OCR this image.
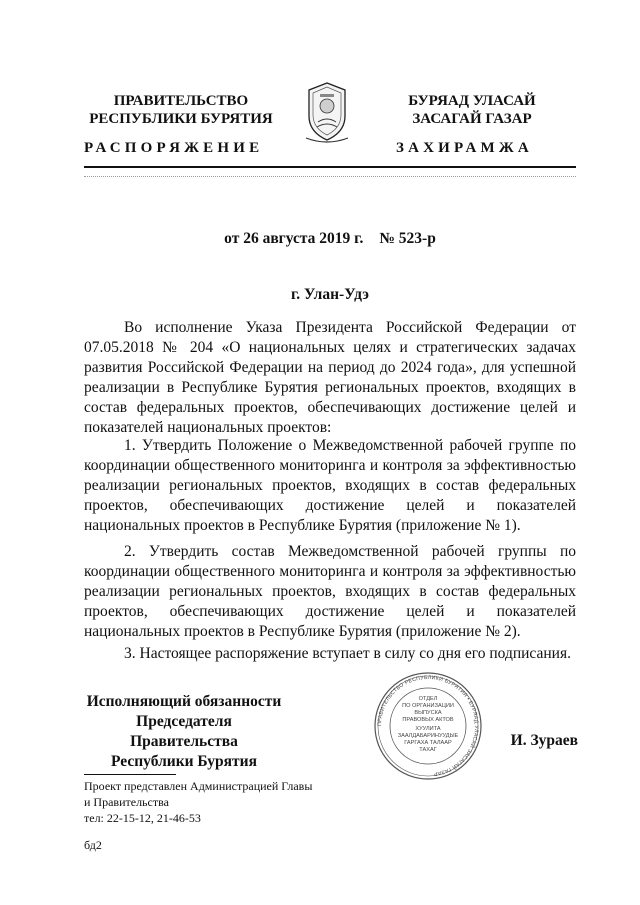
ПРАВИТЕЛЬСТВО
РЕСПУБЛИКИ БУРЯТИЯ
БУРЯАД УЛАСАЙ
ЗАСАГАЙ ГАЗАР
РАСПОРЯЖЕНИЕ	ЗАХИРАМЖА
от 26 августа 2019 г. № 523-р
г. Улан-Удэ
Во исполнение Указа Президента Российской Федерации от 07.05.2018 № 204 «О национальных целях и стратегических задачах развития Российской Федерации на период до 2024 года», для успешной реализации в Республике Бурятия региональных проектов, входящих в состав федеральных проектов, обеспечивающих достижение целей и показателей национальных проектов:
1. Утвердить Положение о Межведомственной рабочей группе по координации общественного мониторинга и контроля за эффективностью реализации региональных проектов, входящих в состав федеральных проектов, обеспечивающих достижение целей и показателей национальных проектов в Республике Бурятия (приложение № 1).
2. Утвердить состав Межведомственной рабочей группы по координации общественного мониторинга и контроля за эффективностью реализации региональных проектов, входящих в состав федеральных проектов, обеспечивающих достижение целей и показателей национальных проектов в Республике Бурятия (приложение № 2).
3. Настоящее распоряжение вступает в силу со дня его подписания.
Исполняющий обязанности
Председателя Правительства
Республики Бурятия
ПРАВИТЕЛЬСТВО РЕСПУБЛИКИ БУРЯТИЯ • БУРЯАД УЛАСАЙ ЗАСАГАЙ ГАЗАР
ОТДЕЛ
ПО ОРГАНИЗАЦИИ
ВЫПУСКА
ПРАВОВЫХ АКТОВ
ХУУЛИТА
ЗААЛДАБАРИНУУДЫЕ
ГАРГАХА ТАЛААР
ТАХАГ
И. Зураев
Проект представлен Администрацией Главы
и Правительства
тел: 22-15-12, 21-46-53
бд2
